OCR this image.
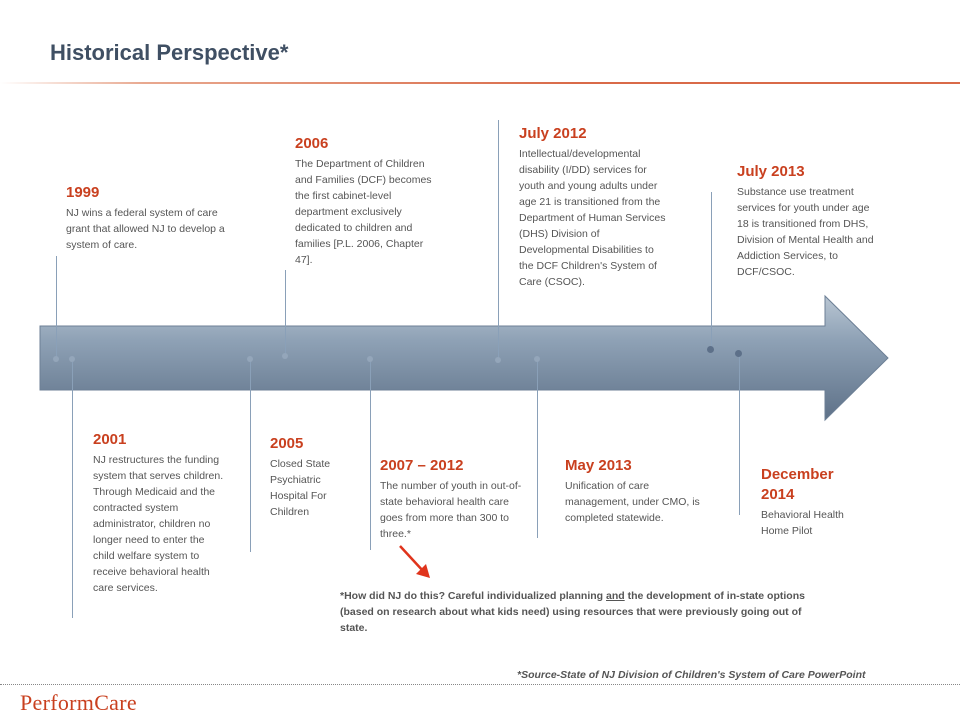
Historical Perspective*
1999
NJ wins a federal system of care grant that allowed NJ to develop a system of care.
2006
The Department of Children and Families (DCF) becomes the first cabinet-level department exclusively dedicated to children and families [P.L. 2006, Chapter 47].
July 2012
Intellectual/developmental disability (I/DD) services for youth and young adults under age 21 is transitioned from the Department of Human Services (DHS) Division of Developmental Disabilities to the DCF Children's System of Care (CSOC).
July 2013
Substance use treatment services for youth under age 18 is transitioned from DHS, Division of Mental Health and Addiction Services, to DCF/CSOC.
2001
NJ restructures the funding system that serves children. Through Medicaid and the contracted system administrator, children no longer need to enter the child welfare system to receive behavioral health care services.
2005
Closed State Psychiatric Hospital For Children
2007 – 2012
The number of youth in out-of-state behavioral health care goes from more than 300 to three.*
May 2013
Unification of care management, under CMO, is completed statewide.
December 2014
Behavioral Health Home Pilot
*How did NJ do this? Careful individualized planning and the development of in-state options (based on research about what kids need) using resources that were previously going out of state.
*Source-State of NJ Division of Children's System of Care PowerPoint
PerformCare
